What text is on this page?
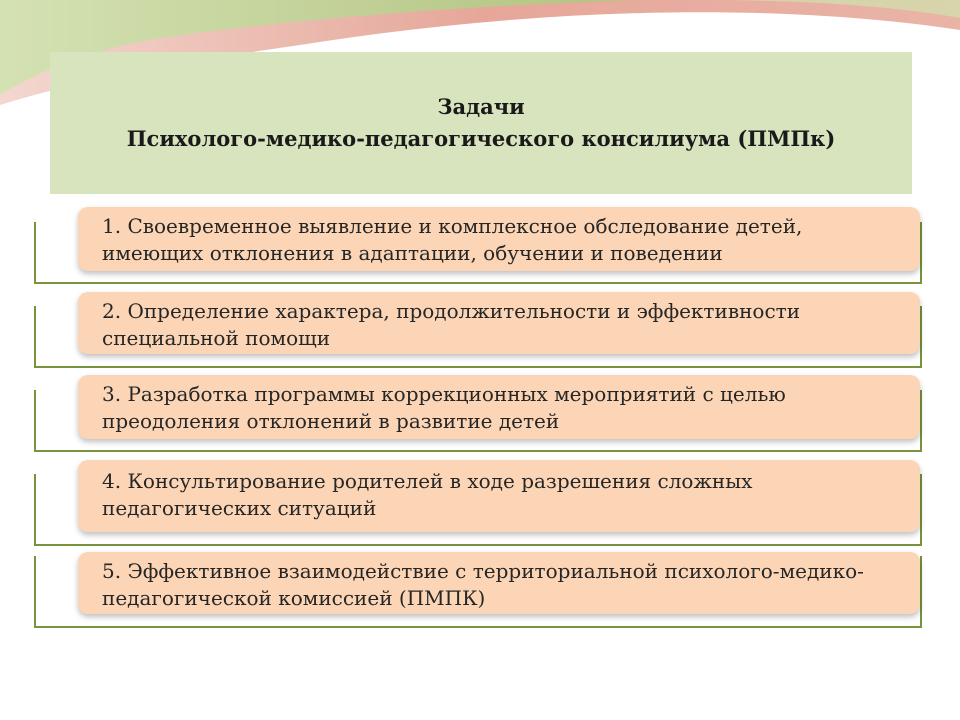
Задачи
Психолого-медико-педагогического консилиума (ПМПк)
1. Своевременное выявление и комплексное обследование детей,
имеющих отклонения в адаптации, обучении и поведении
2. Определение характера, продолжительности и эффективности
специальной помощи
3. Разработка программы коррекционных мероприятий с целью
преодоления отклонений в развитие детей
4. Консультирование родителей в ходе разрешения сложных
педагогических ситуаций
5. Эффективное взаимодействие с территориальной психолого-медико-
педагогической комиссией (ПМПК)
